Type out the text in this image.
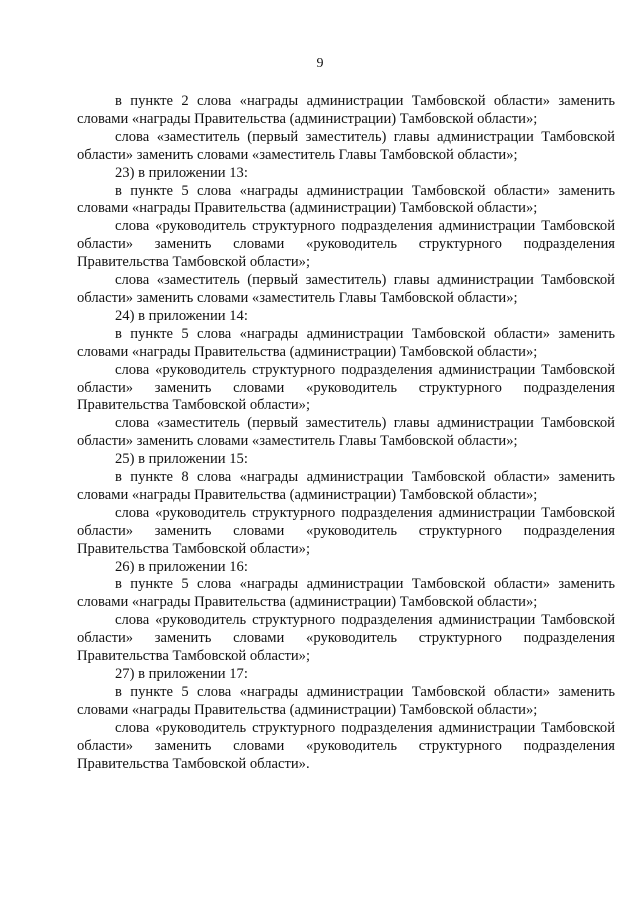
9

в пункте 2 слова «награды администрации Тамбовской области» заменить словами «награды Правительства (администрации) Тамбовской области»;

слова «заместитель (первый заместитель) главы администрации Тамбовской области» заменить словами «заместитель Главы Тамбовской области»;

23) в приложении 13:

в пункте 5 слова «награды администрации Тамбовской области» заменить словами «награды Правительства (администрации) Тамбовской области»;

слова «руководитель структурного подразделения администрации Тамбовской области» заменить словами «руководитель структурного подразделения Правительства Тамбовской области»;

слова «заместитель (первый заместитель) главы администрации Тамбовской области» заменить словами «заместитель Главы Тамбовской области»;

24) в приложении 14:

в пункте 5 слова «награды администрации Тамбовской области» заменить словами «награды Правительства (администрации) Тамбовской области»;

слова «руководитель структурного подразделения администрации Тамбовской области» заменить словами «руководитель структурного подразделения Правительства Тамбовской области»;

слова «заместитель (первый заместитель) главы администрации Тамбовской области» заменить словами «заместитель Главы Тамбовской области»;

25) в приложении 15:

в пункте 8 слова «награды администрации Тамбовской области» заменить словами «награды Правительства (администрации) Тамбовской области»;

слова «руководитель структурного подразделения администрации Тамбовской области» заменить словами «руководитель структурного подразделения Правительства Тамбовской области»;

26) в приложении 16:

в пункте 5 слова «награды администрации Тамбовской области» заменить словами «награды Правительства (администрации) Тамбовской области»;

слова «руководитель структурного подразделения администрации Тамбовской области» заменить словами «руководитель структурного подразделения Правительства Тамбовской области»;

27) в приложении 17:

в пункте 5 слова «награды администрации Тамбовской области» заменить словами «награды Правительства (администрации) Тамбовской области»;

слова «руководитель структурного подразделения администрации Тамбовской области» заменить словами «руководитель структурного подразделения Правительства Тамбовской области».
